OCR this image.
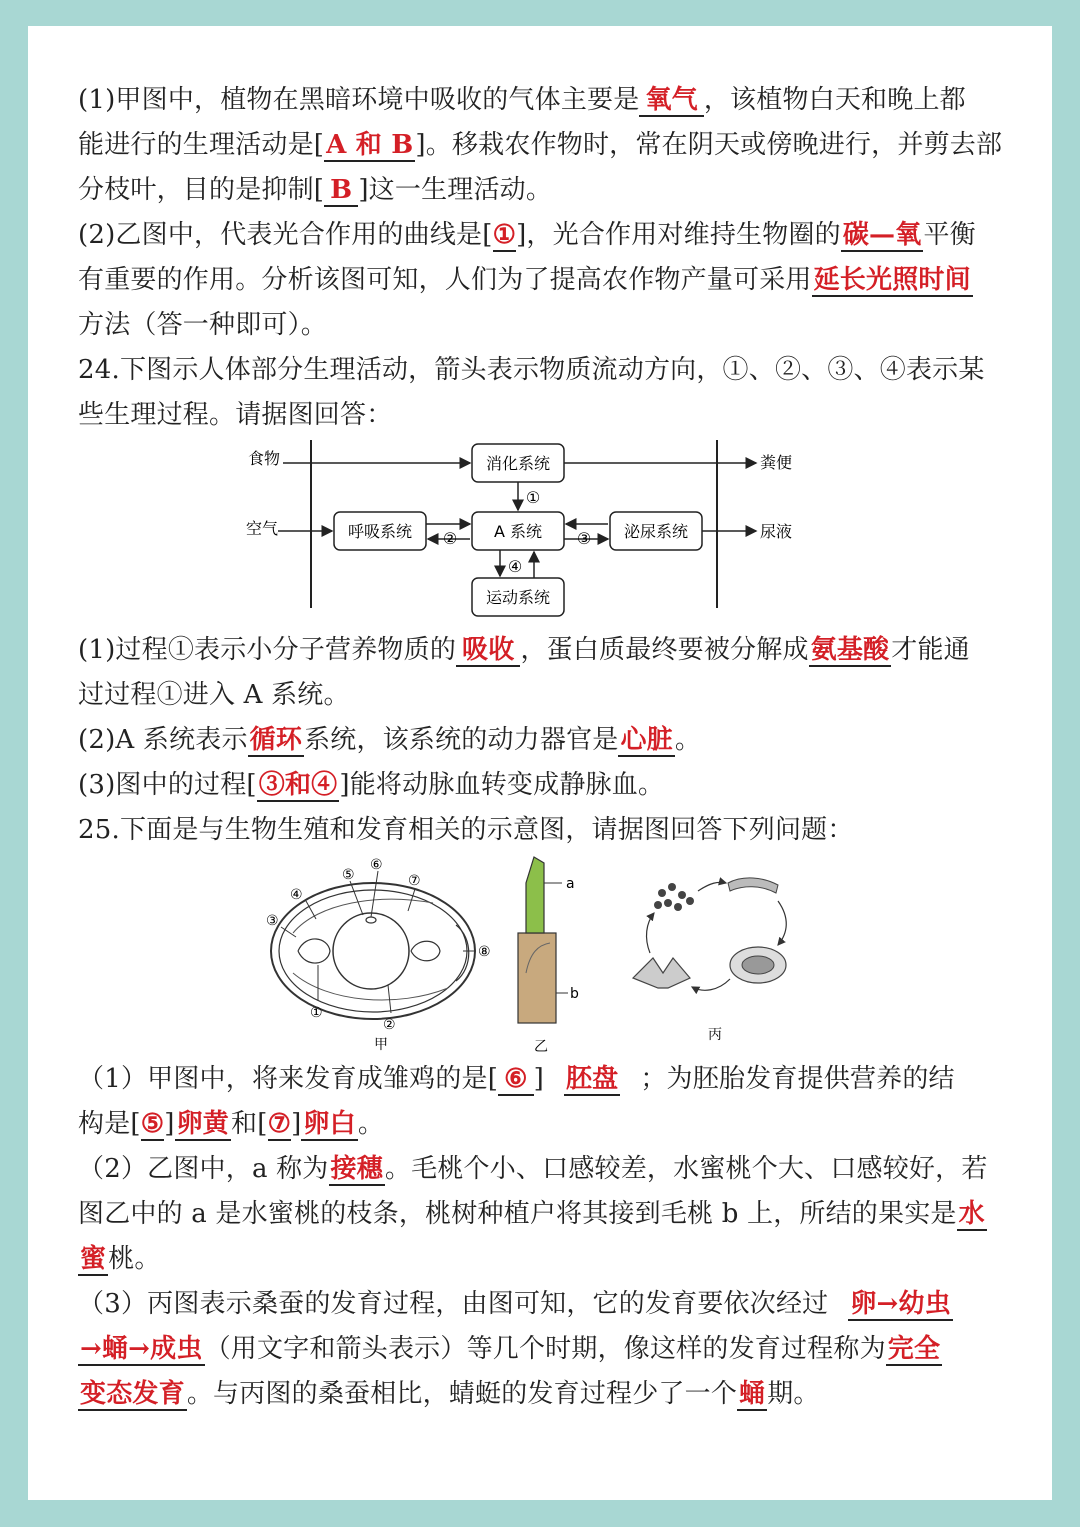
(1)甲图中，植物在黑暗环境中吸收的气体主要是 氧气 ，该植物白天和晚上都
能进行的生理活动是[A 和 B]。移栽农作物时，常在阴天或傍晚进行，并剪去部
分枝叶，目的是抑制[ B ]这一生理活动。
(2)乙图中，代表光合作用的曲线是[①]，光合作用对维持生物圈的碳—氧平衡
有重要的作用。分析该图可知，人们为了提高农作物产量可采用延长光照时间
方法（答一种即可）。
24.下图示人体部分生理活动，箭头表示物质流动方向，①、②、③、④表示某
些生理过程。请据图回答：
消化系统
呼吸系统	A 系统	泌尿系统
运动系统
食物
空气
粪便
尿液
①
②	③
④
(1)过程①表示小分子营养物质的 吸收 ，蛋白质最终要被分解成氨基酸才能通
过过程①进入 A 系统。
(2)A 系统表示循环系统，该系统的动力器官是心脏。
(3)图中的过程[③和④]能将动脉血转变成静脉血。
25.下面是与生物生殖和发育相关的示意图，请据图回答下列问题：
⑥
⑤	⑦
④
③
⑧
①
②
甲
a
b
乙
丙
（1）甲图中，将来发育成雏鸡的是[ ⑥ ] 胚盘 ；为胚胎发育提供营养的结
构是[⑤]卵黄和[⑦]卵白。
（2）乙图中，a 称为接穗。毛桃个小、口感较差，水蜜桃个大、口感较好，若
图乙中的 a 是水蜜桃的枝条，桃树种植户将其接到毛桃 b 上，所结的果实是水
蜜桃。
（3）丙图表示桑蚕的发育过程，由图可知，它的发育要依次经过 卵→幼虫
→蛹→成虫（用文字和箭头表示）等几个时期，像这样的发育过程称为完全
变态发育。与丙图的桑蚕相比，蜻蜓的发育过程少了一个蛹期。
